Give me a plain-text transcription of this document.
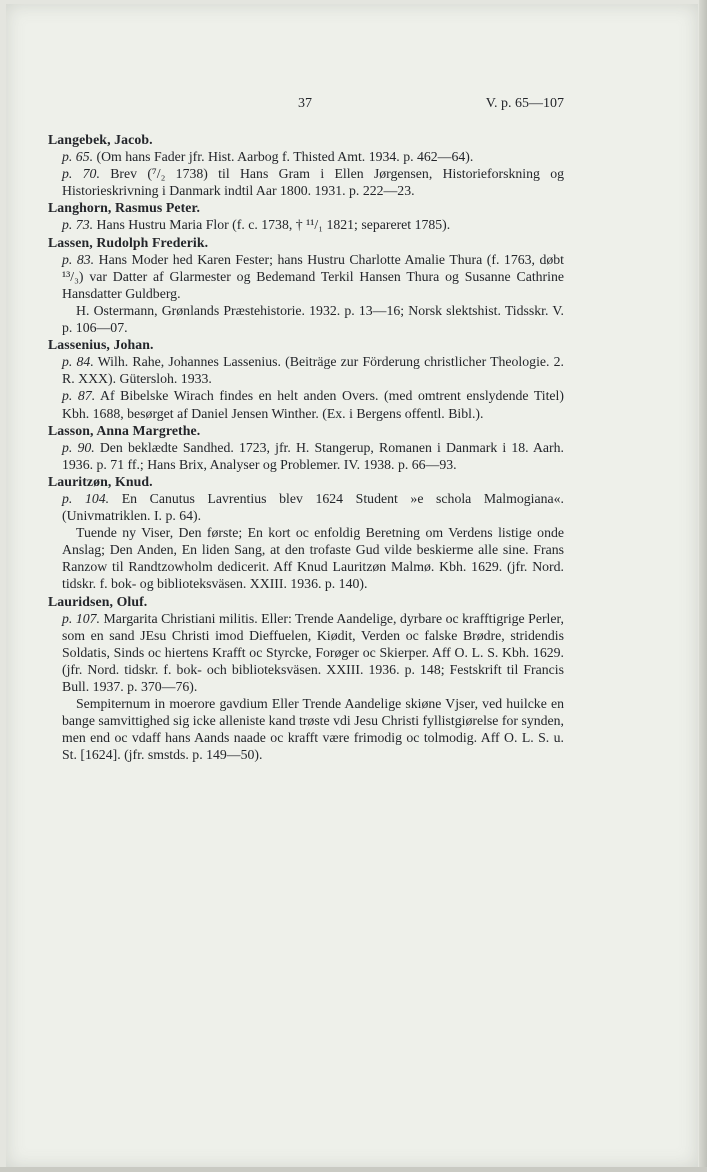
37	V. p. 65—107
Langebek, Jacob.
p. 65. (Om hans Fader jfr. Hist. Aarbog f. Thisted Amt. 1934. p. 462—64).
p. 70. Brev (⁷/₂ 1738) til Hans Gram i Ellen Jørgensen, Historieforskning og Historieskrivning i Danmark indtil Aar 1800. 1931. p. 222—23.
Langhorn, Rasmus Peter.
p. 73. Hans Hustru Maria Flor (f. c. 1738, † ¹¹/₁ 1821; separeret 1785).
Lassen, Rudolph Frederik.
p. 83. Hans Moder hed Karen Fester; hans Hustru Charlotte Amalie Thura (f. 1763, døbt ¹³/₃) var Datter af Glarmester og Bedemand Terkil Hansen Thura og Susanne Cathrine Hansdatter Guldberg.
H. Ostermann, Grønlands Præstehistorie. 1932. p. 13—16; Norsk slektshist. Tidsskr. V. p. 106—07.
Lassenius, Johan.
p. 84. Wilh. Rahe, Johannes Lassenius. (Beiträge zur Förderung christlicher Theologie. 2. R. XXX). Gütersloh. 1933.
p. 87. Af Bibelske Wirach findes en helt anden Overs. (med omtrent enslydende Titel) Kbh. 1688, besørget af Daniel Jensen Winther. (Ex. i Bergens offentl. Bibl.).
Lasson, Anna Margrethe.
p. 90. Den beklædte Sandhed. 1723, jfr. H. Stangerup, Romanen i Danmark i 18. Aarh. 1936. p. 71 ff.; Hans Brix, Analyser og Problemer. IV. 1938. p. 66—93.
Lauritzøn, Knud.
p. 104. En Canutus Lavrentius blev 1624 Student »e schola Malmogiana«. (Univmatriklen. I. p. 64).
Tuende ny Viser, Den første; En kort oc enfoldig Beretning om Verdens listige onde Anslag; Den Anden, En liden Sang, at den trofaste Gud vilde beskierme alle sine. Frans Ranzow til Randtzowholm dedicerit. Aff Knud Lauritzøn Malmø. Kbh. 1629. (jfr. Nord. tidskr. f. bok- og biblioteksväsen. XXIII. 1936. p. 140).
Lauridsen, Oluf.
p. 107. Margarita Christiani militis. Eller: Trende Aandelige, dyrbare oc krafftigrige Perler, som en sand JEsu Christi imod Dieffuelen, Kiødit, Verden oc falske Brødre, stridendis Soldatis, Sinds oc hiertens Krafft oc Styrcke, Forøger oc Skierper. Aff O. L. S. Kbh. 1629. (jfr. Nord. tidskr. f. bok- och biblioteksväsen. XXIII. 1936. p. 148; Festskrift til Francis Bull. 1937. p. 370—76).
Sempiternum in moerore gavdium Eller Trende Aandelige skiøne Vjser, ved huilcke en bange samvittighed sig icke alleniste kand trøste vdi Jesu Christi fyllistgiørelse for synden, men end oc vdaff hans Aands naade oc krafft være frimodig oc tolmodig. Aff O. L. S. u. St. [1624]. (jfr. smstds. p. 149—50).
